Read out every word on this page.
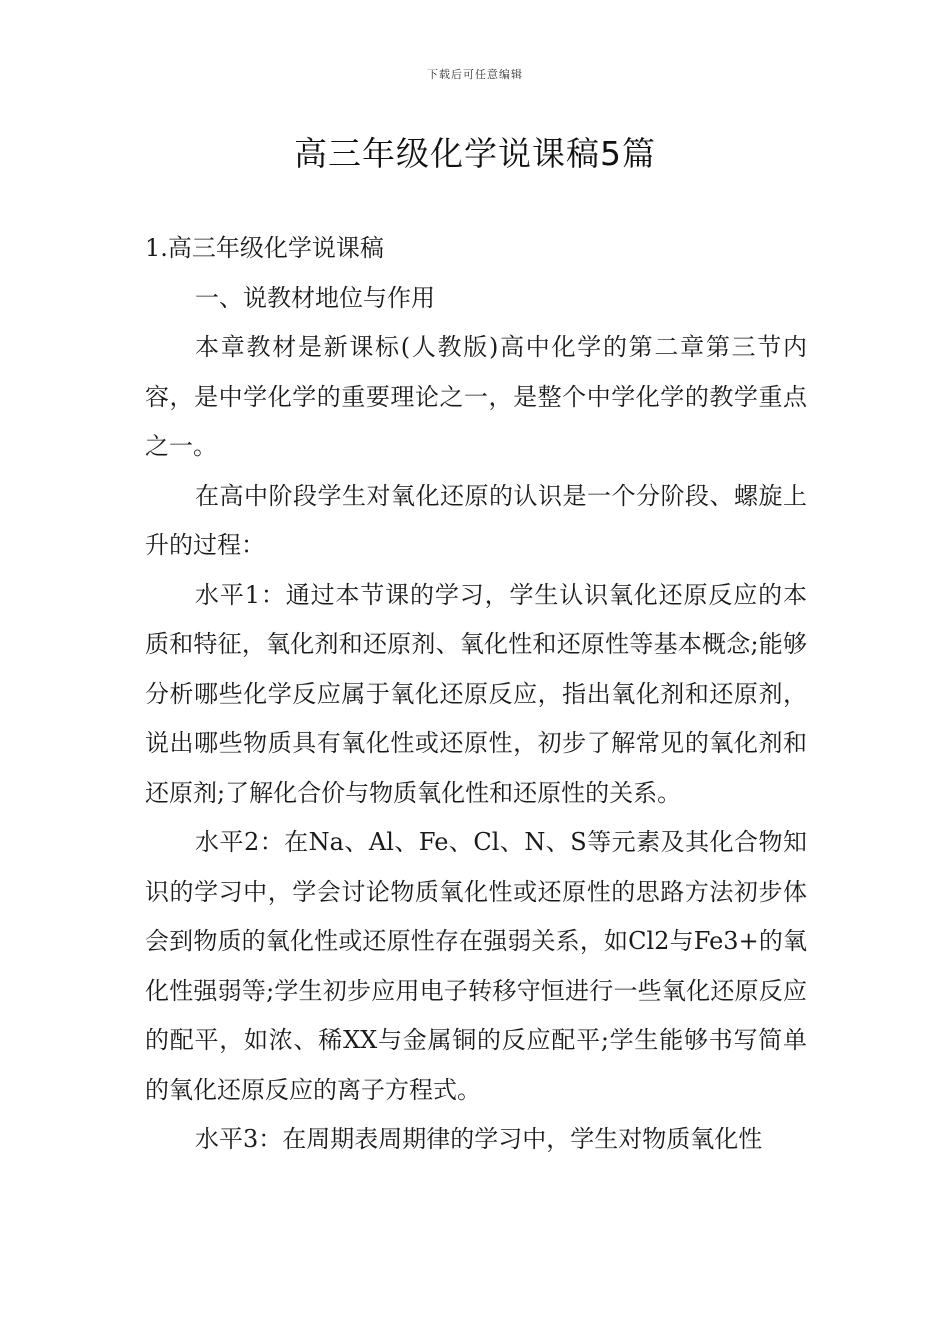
下载后可任意编辑
高三年级化学说课稿5篇

1.高三年级化学说课稿

一、说教材地位与作用

本章教材是新课标(人教版)高中化学的第二章第三节内容，是中学化学的重要理论之一，是整个中学化学的教学重点之一。

在高中阶段学生对氧化还原的认识是一个分阶段、螺旋上升的过程：

水平1：通过本节课的学习，学生认识氧化还原反应的本质和特征，氧化剂和还原剂、氧化性和还原性等基本概念;能够分析哪些化学反应属于氧化还原反应，指出氧化剂和还原剂，说出哪些物质具有氧化性或还原性，初步了解常见的氧化剂和还原剂;了解化合价与物质氧化性和还原性的关系。

水平2：在Na、Al、Fe、Cl、N、S等元素及其化合物知识的学习中，学会讨论物质氧化性或还原性的思路方法初步体会到物质的氧化性或还原性存在强弱关系，如Cl2与Fe3+的氧化性强弱等;学生初步应用电子转移守恒进行一些氧化还原反应的配平，如浓、稀XX与金属铜的反应配平;学生能够书写简单的氧化还原反应的离子方程式。

水平3：在周期表周期律的学习中，学生对物质氧化性
